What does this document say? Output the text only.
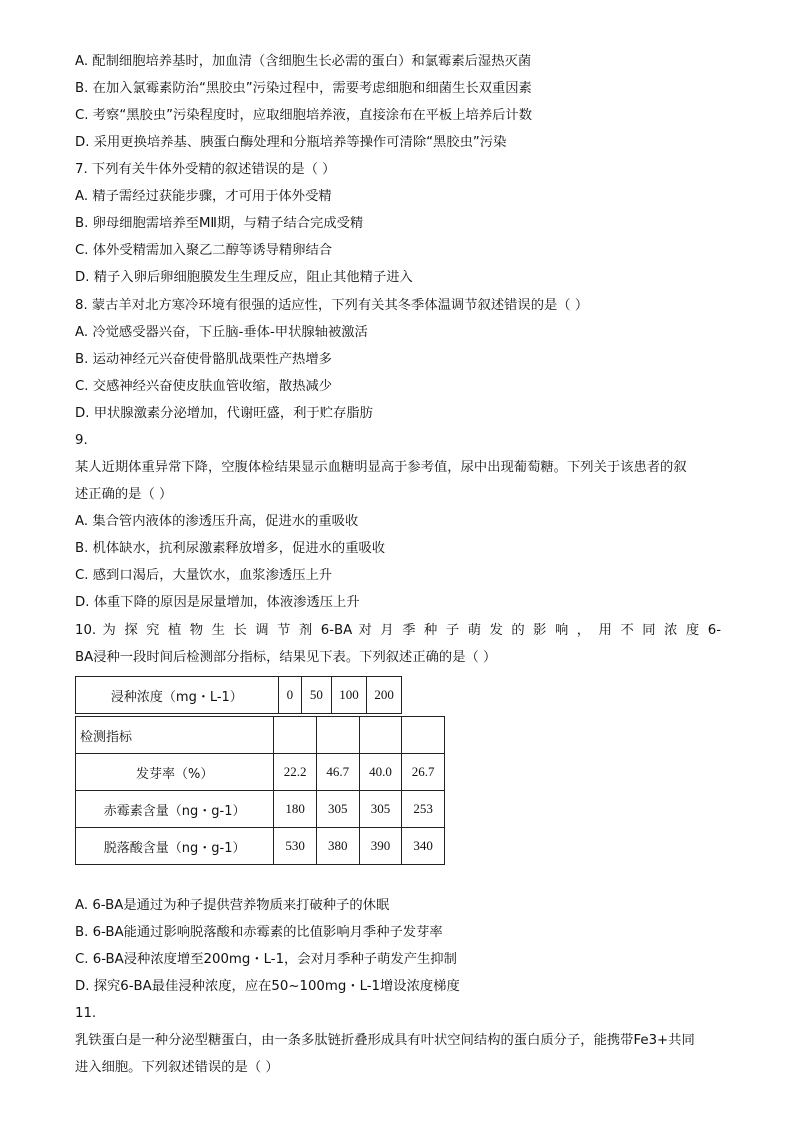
A. 配制细胞培养基时，加血清（含细胞生长必需的蛋白）和氯霉素后湿热灭菌
B. 在加入氯霉素防治“黑胶虫”污染过程中，需要考虑细胞和细菌生长双重因素
C. 考察“黑胶虫”污染程度时，应取细胞培养液，直接涂布在平板上培养后计数
D. 采用更换培养基、胰蛋白酶处理和分瓶培养等操作可清除“黑胶虫”污染
7. 下列有关牛体外受精的叙述错误的是（ ）
A. 精子需经过获能步骤，才可用于体外受精
B. 卵母细胞需培养至MⅡ期，与精子结合完成受精
C. 体外受精需加入聚乙二醇等诱导精卵结合
D. 精子入卵后卵细胞膜发生生理反应，阻止其他精子进入
8. 蒙古羊对北方寒冷环境有很强的适应性，下列有关其冬季体温调节叙述错误的是（ ）
A. 冷觉感受器兴奋，下丘脑-垂体-甲状腺轴被激活
B. 运动神经元兴奋使骨骼肌战栗性产热增多
C. 交感神经兴奋使皮肤血管收缩，散热减少
D. 甲状腺激素分泌增加，代谢旺盛，利于贮存脂肪
9.
某人近期体重异常下降，空腹体检结果显示血糖明显高于参考值，尿中出现葡萄糖。下列关于该患者的叙
述正确的是（ ）
A. 集合管内液体的渗透压升高，促进水的重吸收
B. 机体缺水，抗利尿激素释放增多，促进水的重吸收
C. 感到口渴后，大量饮水，血浆渗透压上升
D. 体重下降的原因是尿量增加，体液渗透压上升
10. 为 探 究 植 物 生 长 调 节 剂 6-BA 对 月 季 种 子 萌 发 的 影 响 ， 用 不 同 浓 度 6-
BA浸种一段时间后检测部分指标，结果见下表。下列叙述正确的是（ ）
浸种浓度（mg・L-1）	0	50	100	200
检测指标				
发芽率（%）	22.2	46.7	40.0	26.7
赤霉素含量（ng・g-1）	180	305	305	253
脱落酸含量（ng・g-1）	530	380	390	340
A. 6-BA是通过为种子提供营养物质来打破种子的休眠
B. 6-BA能通过影响脱落酸和赤霉素的比值影响月季种子发芽率
C. 6-BA浸种浓度增至200mg・L-1，会对月季种子萌发产生抑制
D. 探究6-BA最佳浸种浓度，应在50~100mg・L-1增设浓度梯度
11.
乳铁蛋白是一种分泌型糖蛋白，由一条多肽链折叠形成具有叶状空间结构的蛋白质分子，能携带Fe3+共同
进入细胞。下列叙述错误的是（ ）
